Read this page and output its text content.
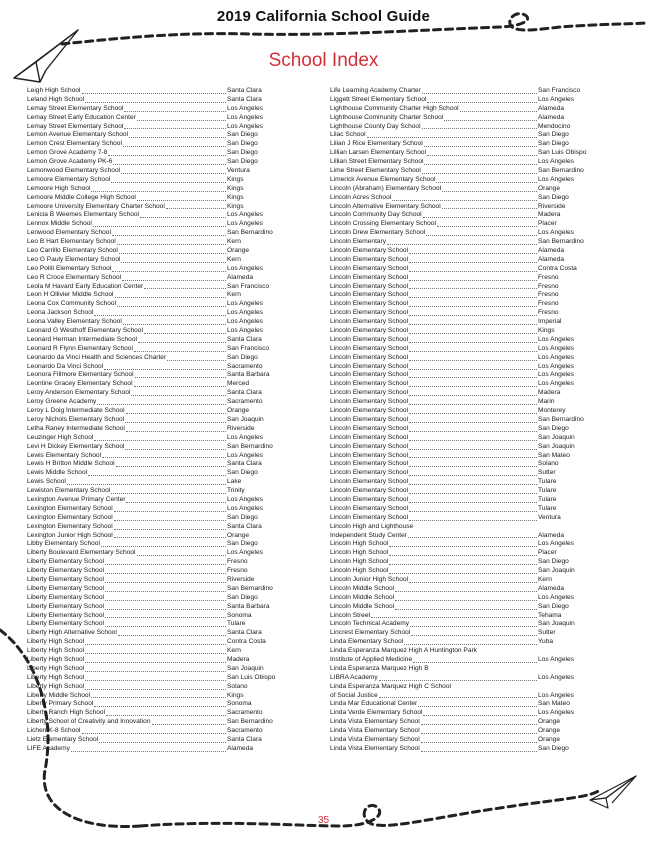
2019 California School Guide
School Index
Leigh High School	Santa Clara
Leland High School	Santa Clara
Lemay Street Elementary School	Los Angeles
Lemay Street Early Education Center	Los Angeles
Lemay Street Elementary School	Los Angeles
Lemon Avenue Elementary School	San Diego
Lemon Crest Elementary School	San Diego
Lemon Grove Academy 7-8	San Diego
Lemon Grove Academy PK-6	San Diego
Lemonwood Elementary School	Ventura
Lemoore Elementary School	Kings
Lemoore High School	Kings
Lemoore Middle College High School	Kings
Lemoore University Elementary Charter School	Kings
Lenicia B Weemes Elementary School	Los Angeles
Lennox Middle School	Los Angeles
Lenwood Elementary School	San Bernardino
Leo B Hart Elementary School	Kern
Leo Carrillo Elementary School	Orange
Leo G Pauly Elementary School	Kern
Leo Politi Elementary School	Los Angeles
Leo R Croce Elementary School	Alameda
Leola M Havard Early Education Center	San Francisco
Leon H Ollivier Middle School	Kern
Leona Cox Community School	Los Angeles
Leona Jackson School	Los Angeles
Leona Valley Elementary School	Los Angeles
Leonard G Westhoff Elementary School	Los Angeles
Leonard Herman Intermediate School	Santa Clara
Leonard R Flynn Elementary School	San Francisco
Leonardo da Vinci Health and Sciences Charter	San Diego
Leonardo Da Vinci School	Sacramento
Leonora Fillmore Elementary School	Santa Barbara
Leontine Gracey Elementary School	Merced
Leroy Anderson Elementary School	Santa Clara
Leroy Greene Academy	Sacramento
Leroy L Doig Intermediate School	Orange
Leroy Nichols Elementary School	San Joaquin
Letha Raney Intermediate School	Riverside
Leuzinger High School	Los Angeles
Levi H Dickey Elementary School	San Bernardino
Lewis Elementary School	Los Angeles
Lewis H Britton Middle School	Santa Clara
Lewis Middle School	San Diego
Lewis School	Lake
Lewiston Elementary School	Trinity
Lexington Avenue Primary Center	Los Angeles
Lexington Elementary School	Los Angeles
Lexington Elementary School	San Diego
Lexington Elementary School	Santa Clara
Lexington Junior High School	Orange
Libby Elementary School	San Diego
Liberty Boulevard Elementary School	Los Angeles
Liberty Elementary School	Fresno
Liberty Elementary School	Fresno
Liberty Elementary School	Riverside
Liberty Elementary School	San Bernardino
Liberty Elementary School	San Diego
Liberty Elementary School	Santa Barbara
Liberty Elementary School	Sonoma
Liberty Elementary School	Tulare
Liberty High Alternative School	Santa Clara
Liberty High School	Contra Costa
Liberty High School	Kern
Liberty High School	Madera
Liberty High School	San Joaquin
Liberty High School	San Luis Obispo
Liberty High School	Solano
Liberty Middle School	Kings
Liberty Primary School	Sonoma
Liberty Ranch High School	Sacramento
Liberty School of Creativity and Innovation	San Bernardino
Lichen K-8 School	Sacramento
Lietz Elementary School	Santa Clara
LIFE Academy	Alameda
Life Learning Academy Charter	San Francisco
Liggett Street Elementary School	Los Angeles
Lighthouse Community Charter High School	Alameda
Lighthouse Community Charter School	Alameda
Lighthouse County Day School	Mendocino
Lilac School	San Diego
Lilian J Rice Elementary School	San Diego
Lillian Larsen Elementary School	San Luis Obispo
Lillian Street Elementary School	Los Angeles
Lime Street Elementary School	San Bernardino
Limerick Avenue Elementary School	Los Angeles
Lincoln (Abraham) Elementary School	Orange
Lincoln Acres School	San Diego
Lincoln Alternative Elementary School	Riverside
Lincoln Community Day School	Madera
Lincoln Crossing Elementary School	Placer
Lincoln Drew Elementary School	Los Angeles
Lincoln Elementary	San Bernardino
Lincoln Elementary School	Alameda
Lincoln Elementary School	Alameda
Lincoln Elementary School	Contra Costa
Lincoln Elementary School	Fresno
Lincoln Elementary School	Fresno
Lincoln Elementary School	Fresno
Lincoln Elementary School	Fresno
Lincoln Elementary School	Fresno
Lincoln Elementary School	Imperial
Lincoln Elementary School	Kings
Lincoln Elementary School	Los Angeles
Lincoln Elementary School	Los Angeles
Lincoln Elementary School	Los Angeles
Lincoln Elementary School	Los Angeles
Lincoln Elementary School	Los Angeles
Lincoln Elementary School	Los Angeles
Lincoln Elementary School	Madera
Lincoln Elementary School	Marin
Lincoln Elementary School	Monterey
Lincoln Elementary School	San Bernardino
Lincoln Elementary School	San Diego
Lincoln Elementary School	San Joaquin
Lincoln Elementary School	San Joaquin
Lincoln Elementary School	San Mateo
Lincoln Elementary School	Solano
Lincoln Elementary School	Sutter
Lincoln Elementary School	Tulare
Lincoln Elementary School	Tulare
Lincoln Elementary School	Tulare
Lincoln Elementary School	Tulare
Lincoln Elementary School	Ventura
Lincoln High and Lighthouse
Independent Study Center	Alameda
Lincoln High School	Los Angeles
Lincoln High School	Placer
Lincoln High School	San Diego
Lincoln High School	San Joaquin
Lincoln Junior High School	Kern
Lincoln Middle School	Alameda
Lincoln Middle School	Los Angeles
Lincoln Middle School	San Diego
Lincoln Street	Tehama
Lincoln Technical Academy	San Joaquin
Lincrest Elementary School	Sutter
Linda Elementary School	Yuba
Linda Esperanza Marquez High A Huntington Park
Institute of Applied Medicine	Los Angeles
Linda Esperanza Marquez High B
LIBRA Academy	Los Angeles
Linda Esperanza Marquez High C School
of Social Justice	Los Angeles
Linda Mar Educational Center	San Mateo
Linda Verde Elementary School	Los Angeles
Linda Vista Elementary School	Orange
Linda Vista Elementary School	Orange
Linda Vista Elementary School	Orange
Linda Vista Elementary School	San Diego
35
